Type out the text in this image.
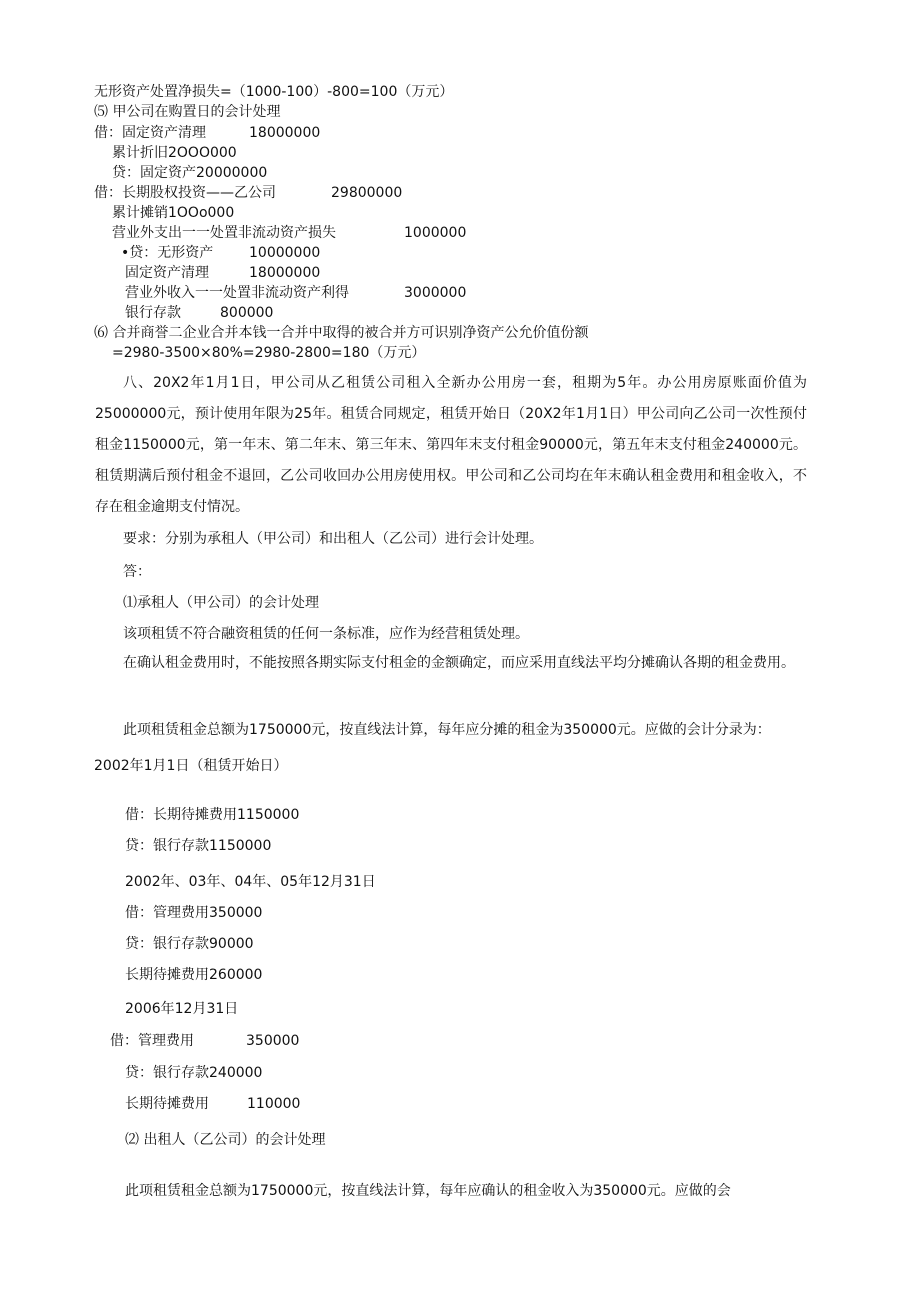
无形资产处置净损失=（1000-100）-800=100（万元）
⑸ 甲公司在购置日的会计处理
借：固定资产清理	18000000
累计折旧2OOO000
贷：固定资产20000000
借：长期股权投资——乙公司	29800000
累计摊销1OOo000
营业外支出一一处置非流动资产损失	1000000
•贷：无形资产	10000000
固定资产清理	18000000
营业外收入一一处置非流动资产利得	3000000
银行存款	800000
⑹ 合并商誉二企业合并本钱一合并中取得的被合并方可识别净资产公允价值份额
=2980-3500×80%=2980-2800=180（万元）
八、20X2年1月1日，甲公司从乙租赁公司租入全新办公用房一套，租期为5年。办公用房原账面价值为25000000元，预计使用年限为25年。租赁合同规定，租赁开始日（20X2年1月1日）甲公司向乙公司一次性预付租金1150000元，第一年末、第二年末、第三年末、第四年末支付租金90000元，第五年末支付租金240000元。租赁期满后预付租金不退回，乙公司收回办公用房使用权。甲公司和乙公司均在年末确认租金费用和租金收入，不存在租金逾期支付情况。
要求：分别为承租人（甲公司）和出租人（乙公司）进行会计处理。
答：
⑴承租人（甲公司）的会计处理
该项租赁不符合融资租赁的任何一条标准，应作为经营租赁处理。
在确认租金费用时，不能按照各期实际支付租金的金额确定，而应采用直线法平均分摊确认各期的租金费用。
此项租赁租金总额为1750000元，按直线法计算，每年应分摊的租金为350000元。应做的会计分录为：
2002年1月1日（租赁开始日）
借：长期待摊费用1150000
贷：银行存款1150000
2002年、03年、04年、05年12月31日
借：管理费用350000
贷：银行存款90000
长期待摊费用260000
2006年12月31日
借：管理费用	350000
贷：银行存款240000
长期待摊费用	110000
⑵ 出租人（乙公司）的会计处理
此项租赁租金总额为1750000元，按直线法计算，每年应确认的租金收入为350000元。应做的会
